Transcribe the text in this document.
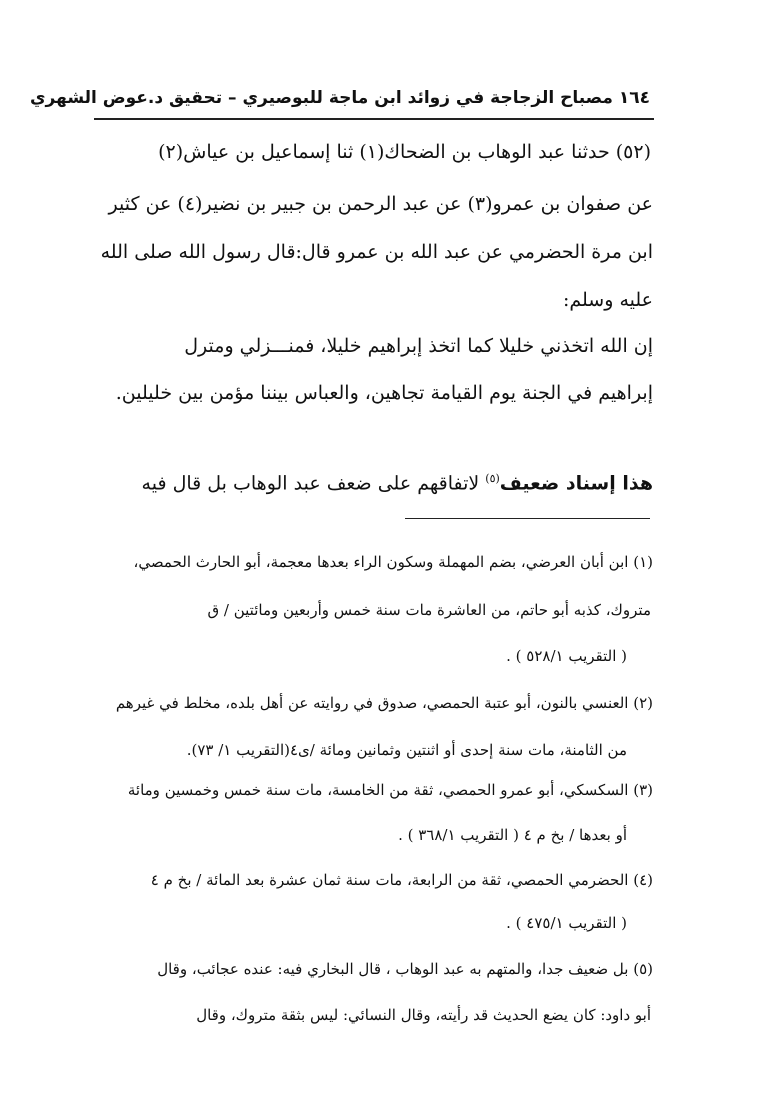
١٦٤ مصباح الزجاجة في زوائد ابن ماجة للبوصيري – تحقيق د.عوض الشهري
(٥٢) حدثنا عبد الوهاب بن الضحاك(١) ثنا إسماعيل بن عياش(٢)
عن صفوان بن عمرو(٣) عن عبد الرحمن بن جبير بن نضير(٤) عن كثير
ابن مرة الحضرمي عن عبد الله بن عمرو قال:قال رسول الله صلى الله
عليه وسلم:
إن الله اتخذني خليلا كما اتخذ إبراهيم خليلا، فمنـــزلي ومترل
إبراهيم في الجنة يوم القيامة تجاهين، والعباس بيننا مؤمن بين خليلين.
هذا إسناد ضعيف$^{(٥)}$ لاتفاقهم على ضعف عبد الوهاب بل قال فيه
(١) ابن أبان العرضي، بضم المهملة وسكون الراء بعدها معجمة، أبو الحارث الحمصي،
متروك، كذبه أبو حاتم، من العاشرة مات سنة خمس وأربعين ومائتين / ق
( التقريب ٥٢٨/١ ) .
(٢) العنسي بالنون، أبو عتبة الحمصي، صدوق في روايته عن أهل بلده، مخلط في غيرهم
من الثامنة، مات سنة إحدى أو اثنتين وثمانين ومائة /ى٤(التقريب ١/ ٧٣).
(٣) السكسكي، أبو عمرو الحمصي، ثقة من الخامسة، مات سنة خمس وخمسين ومائة
أو بعدها / بخ م ٤ ( التقريب ٣٦٨/١ ) .
(٤) الحضرمي الحمصي، ثقة من الرابعة، مات سنة ثمان عشرة بعد المائة / بخ م ٤
( التقريب ٤٧٥/١ ) .
(٥) بل ضعيف جدا، والمتهم به عبد الوهاب ، قال البخاري فيه: عنده عجائب، وقال
أبو داود: كان يضع الحديث قد رأيته، وقال النسائي: ليس بثقة متروك، وقال
